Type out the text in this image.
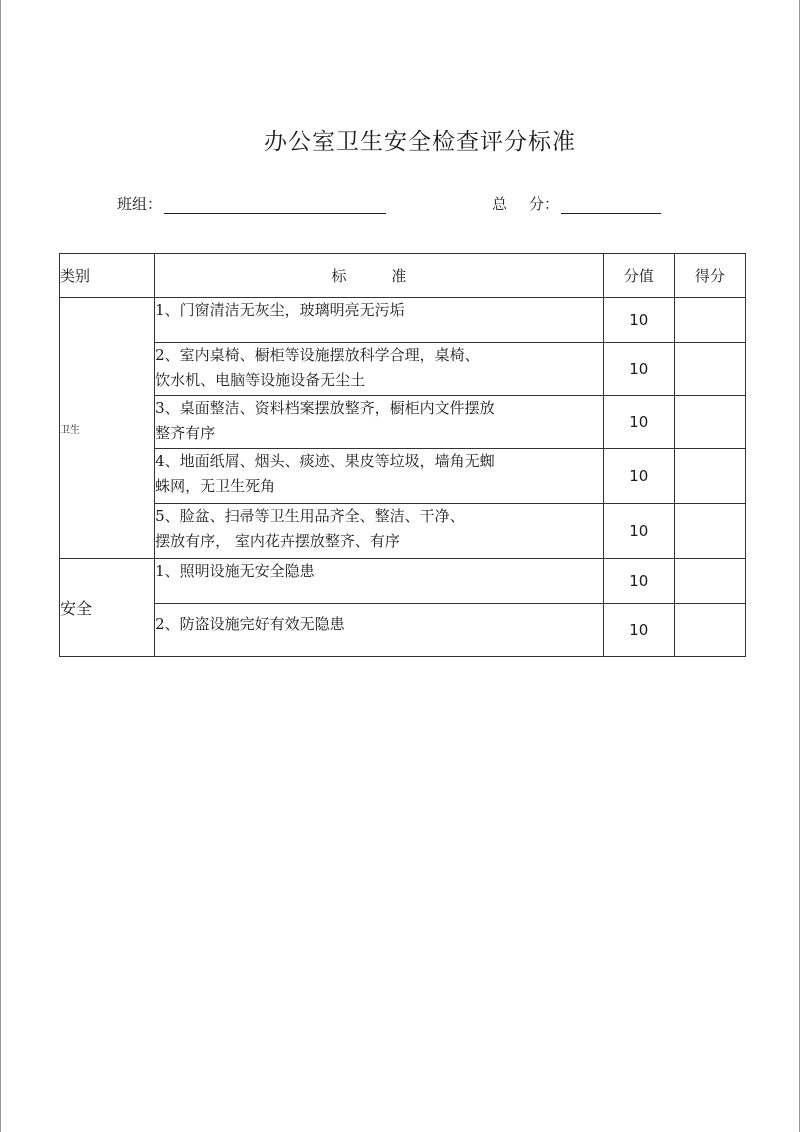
办公室卫生安全检查评分标准
班组：	总 分：
类别	标 准	分值	得分
卫生	1、门窗清洁无灰尘，玻璃明亮无污垢	10	
	2、室内桌椅、橱柜等设施摆放科学合理，桌椅、
饮水机、电脑等设施设备无尘土	10	
	3、桌面整洁、资料档案摆放整齐，橱柜内文件摆放
整齐有序	10	
	4、地面纸屑、烟头、痰迹、果皮等垃圾，墙角无蜘
蛛网，无卫生死角	10	
	5、脸盆、扫帚等卫生用品齐全、整洁、干净、
摆放有序， 室内花卉摆放整齐、有序	10	
安全	1、照明设施无安全隐患	10	
	2、防盗设施完好有效无隐患	10	
